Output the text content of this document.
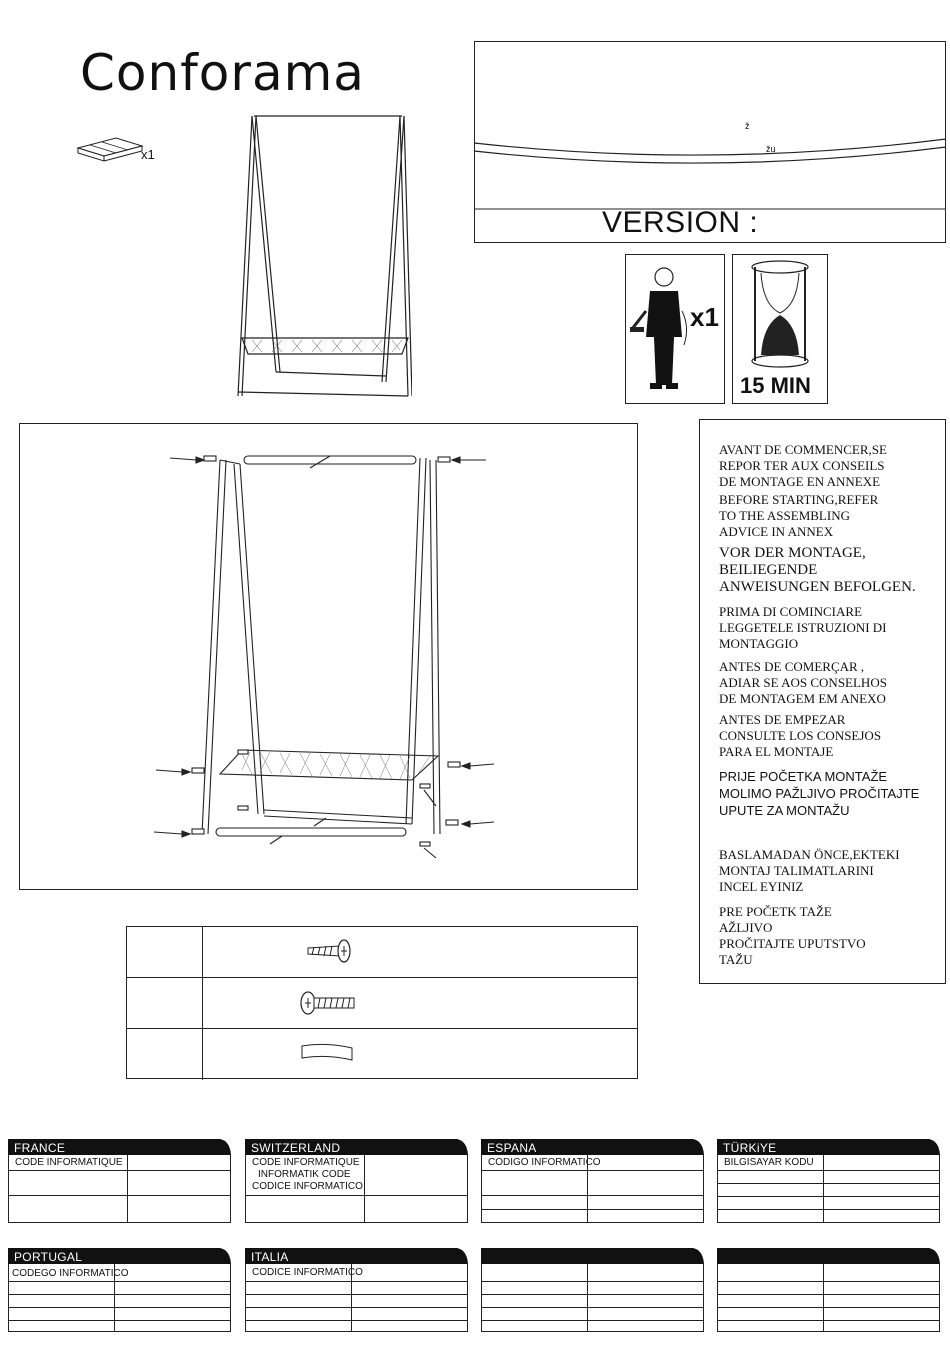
Conforama
x1
ž
žu
VERSION :
x1
15 MIN
AVANT DE COMMENCER,SE
REPOR TER AUX CONSEILS
DE MONTAGE EN ANNEXE
BEFORE STARTING,REFER
TO THE ASSEMBLING
ADVICE IN ANNEX
VOR DER MONTAGE,
BEILIEGENDE
ANWEISUNGEN BEFOLGEN.
PRIMA DI COMINCIARE
LEGGETELE ISTRUZIONI DI
MONTAGGIO
ANTES DE COMERÇAR ,
ADIAR SE AOS CONSELHOS
DE MONTAGEM EM ANEXO
ANTES DE EMPEZAR
CONSULTE LOS CONSEJOS
PARA EL MONTAJE
PRIJE POČETKA MONTAŽE
MOLIMO PAŽLJIVO PROČITAJTE
UPUTE ZA MONTAŽU
BASLAMADAN ÖNCE,EKTEKI
MONTAJ TALIMATLARINI
INCEL EYINIZ
PRE POČETK TAŽE
AŽLJIVO
PROČITAJTE UPUTSTVO
TAŽU
FRANCE
CODE INFORMATIQUE
SWITZERLAND
CODE INFORMATIQUE
INFORMATIK CODE
CODICE INFORMATICO
ESPANA
CODIGO INFORMATICO
TÜRKiYE
BILGISAYAR KODU
PORTUGAL
CODEGO INFORMATICO
ITALIA
CODICE INFORMATICO
